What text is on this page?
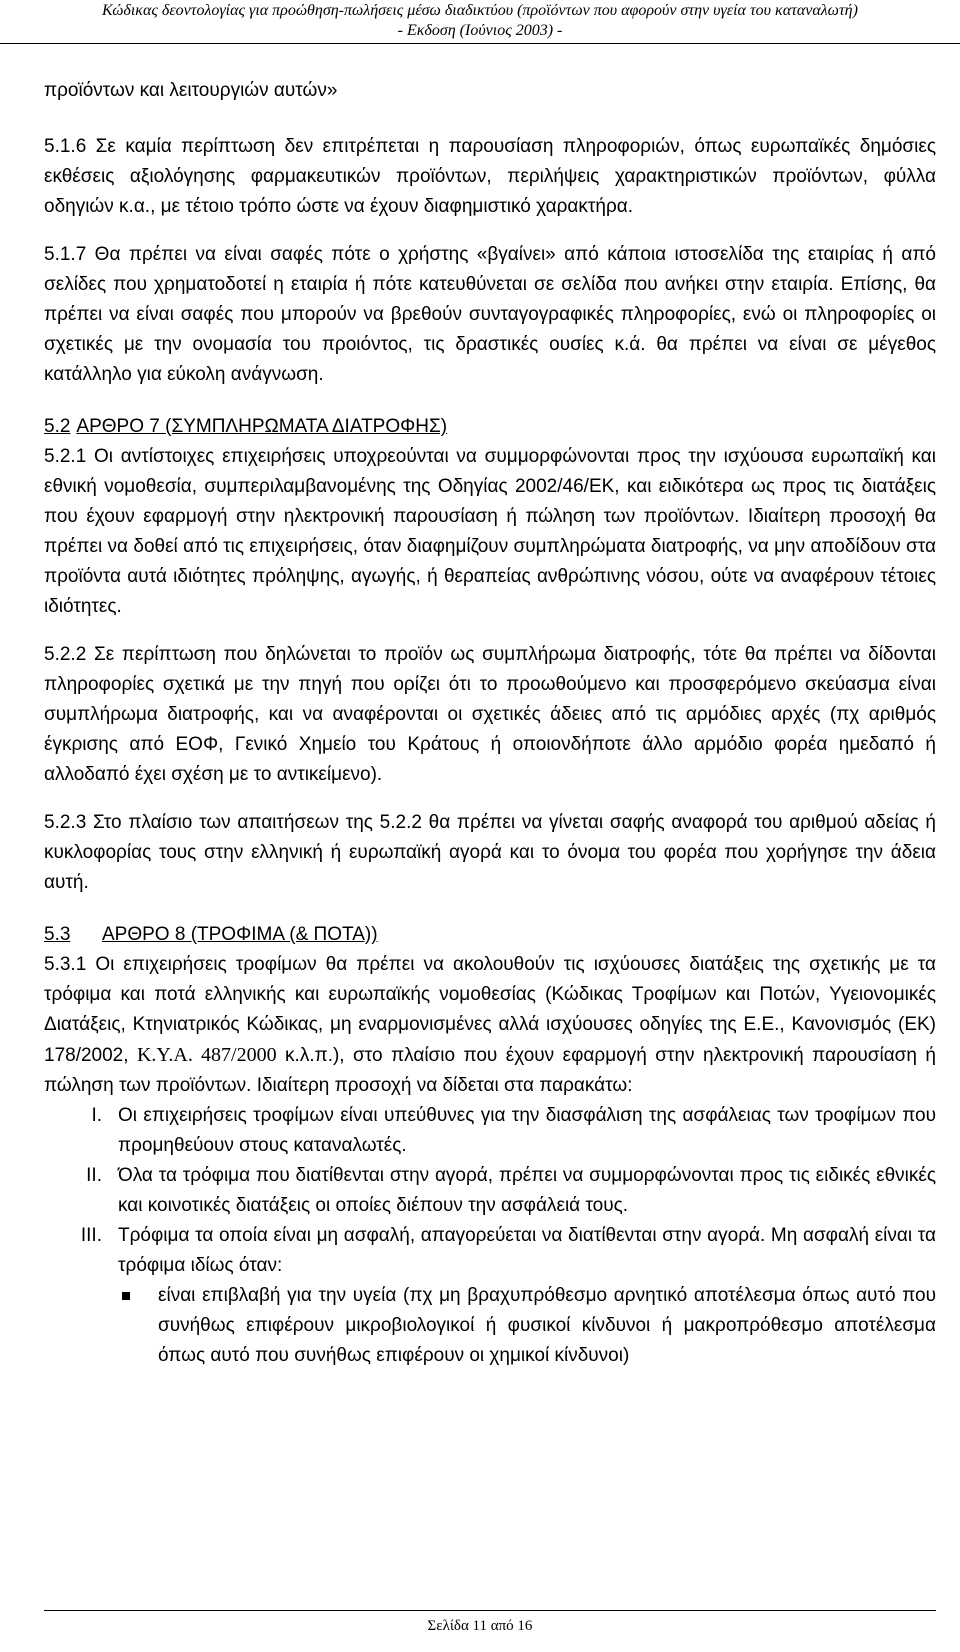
Κώδικας δεοντολογίας για προώθηση-πωλήσεις μέσω διαδικτύου (προϊόντων που αφορούν στην υγεία του καταναλωτή)
- Εκδοση (Ιούνιος 2003) -

προϊόντων και λειτουργιών αυτών»

5.1.6 Σε καμία περίπτωση δεν επιτρέπεται η παρουσίαση πληροφοριών, όπως ευρωπαϊκές δημόσιες εκθέσεις αξιολόγησης φαρμακευτικών προϊόντων, περιλήψεις χαρακτηριστικών προϊόντων, φύλλα οδηγιών κ.α., με τέτοιο τρόπο ώστε να έχουν διαφημιστικό χαρακτήρα.

5.1.7 Θα πρέπει να είναι σαφές πότε ο χρήστης «βγαίνει» από κάποια ιστοσελίδα της εταιρίας ή από σελίδες που χρηματοδοτεί η εταιρία ή πότε κατευθύνεται σε σελίδα που ανήκει στην εταιρία. Επίσης, θα πρέπει να είναι σαφές που μπορούν να βρεθούν συνταγογραφικές πληροφορίες, ενώ οι πληροφορίες οι σχετικές με την ονομασία του προιόντος, τις δραστικές ουσίες κ.ά. θα πρέπει να είναι σε μέγεθος κατάλληλο για εύκολη ανάγνωση.

5.2 ΑΡΘΡΟ 7 (ΣΥΜΠΛΗΡΩΜΑΤΑ ΔΙΑΤΡΟΦΗΣ)

5.2.1 Οι αντίστοιχες επιχειρήσεις υποχρεούνται να συμμορφώνονται προς την ισχύουσα ευρωπαϊκή και εθνική νομοθεσία, συμπεριλαμβανομένης της Οδηγίας 2002/46/ΕΚ, και ειδικότερα ως προς τις διατάξεις που έχουν εφαρμογή στην ηλεκτρονική παρουσίαση ή πώληση των προϊόντων. Ιδιαίτερη προσοχή θα πρέπει να δοθεί από τις επιχειρήσεις, όταν διαφημίζουν συμπληρώματα διατροφής, να μην αποδίδουν στα προϊόντα αυτά ιδιότητες πρόληψης, αγωγής, ή θεραπείας ανθρώπινης νόσου, ούτε να αναφέρουν τέτοιες ιδιότητες.

5.2.2 Σε περίπτωση που δηλώνεται το προϊόν ως συμπλήρωμα διατροφής, τότε θα πρέπει να δίδονται πληροφορίες σχετικά με την πηγή που ορίζει ότι το προωθούμενο και προσφερόμενο σκεύασμα είναι συμπλήρωμα διατροφής, και να αναφέρονται οι σχετικές άδειες από τις αρμόδιες αρχές (πχ αριθμός έγκρισης από ΕΟΦ, Γενικό Χημείο του Κράτους ή οποιονδήποτε άλλο αρμόδιο φορέα ημεδαπό ή αλλοδαπό έχει σχέση με το αντικείμενο).

5.2.3 Στο πλαίσιο των απαιτήσεων της 5.2.2 θα πρέπει να γίνεται σαφής αναφορά του αριθμού αδείας ή κυκλοφορίας τους στην ελληνική ή ευρωπαϊκή αγορά και το όνομα του φορέα που χορήγησε την άδεια αυτή.

5.3 ΑΡΘΡΟ 8 (ΤΡΟΦΙΜΑ (& ΠΟΤΑ))

5.3.1 Οι επιχειρήσεις τροφίμων θα πρέπει να ακολουθούν τις ισχύουσες διατάξεις της σχετικής με τα τρόφιμα και ποτά ελληνικής και ευρωπαϊκής νομοθεσίας (Κώδικας Τροφίμων και Ποτών, Υγειονομικές Διατάξεις, Κτηνιατρικός Κώδικας, μη εναρμονισμένες αλλά ισχύουσες οδηγίες της Ε.Ε., Κανονισμός (ΕΚ) 178/2002, Κ.Υ.Α. 487/2000 κ.λ.π.), στο πλαίσιο που έχουν εφαρμογή στην ηλεκτρονική παρουσίαση ή πώληση των προϊόντων. Ιδιαίτερη προσοχή να δίδεται στα παρακάτω:

I. Οι επιχειρήσεις τροφίμων είναι υπεύθυνες για την διασφάλιση της ασφάλειας των τροφίμων που προμηθεύουν στους καταναλωτές.
II. Όλα τα τρόφιμα που διατίθενται στην αγορά, πρέπει να συμμορφώνονται προς τις ειδικές εθνικές και κοινοτικές διατάξεις οι οποίες διέπουν την ασφάλειά τους.
III. Τρόφιμα τα οποία είναι μη ασφαλή, απαγορεύεται να διατίθενται στην αγορά. Μη ασφαλή είναι τα τρόφιμα ιδίως όταν:
είναι επιβλαβή για την υγεία (πχ μη βραχυπρόθεσμο αρνητικό αποτέλεσμα όπως αυτό που συνήθως επιφέρουν μικροβιολογικοί ή φυσικοί κίνδυνοι ή μακροπρόθεσμο αποτέλεσμα όπως αυτό που συνήθως επιφέρουν οι χημικοί κίνδυνοι)
Σελίδα 11 από 16
